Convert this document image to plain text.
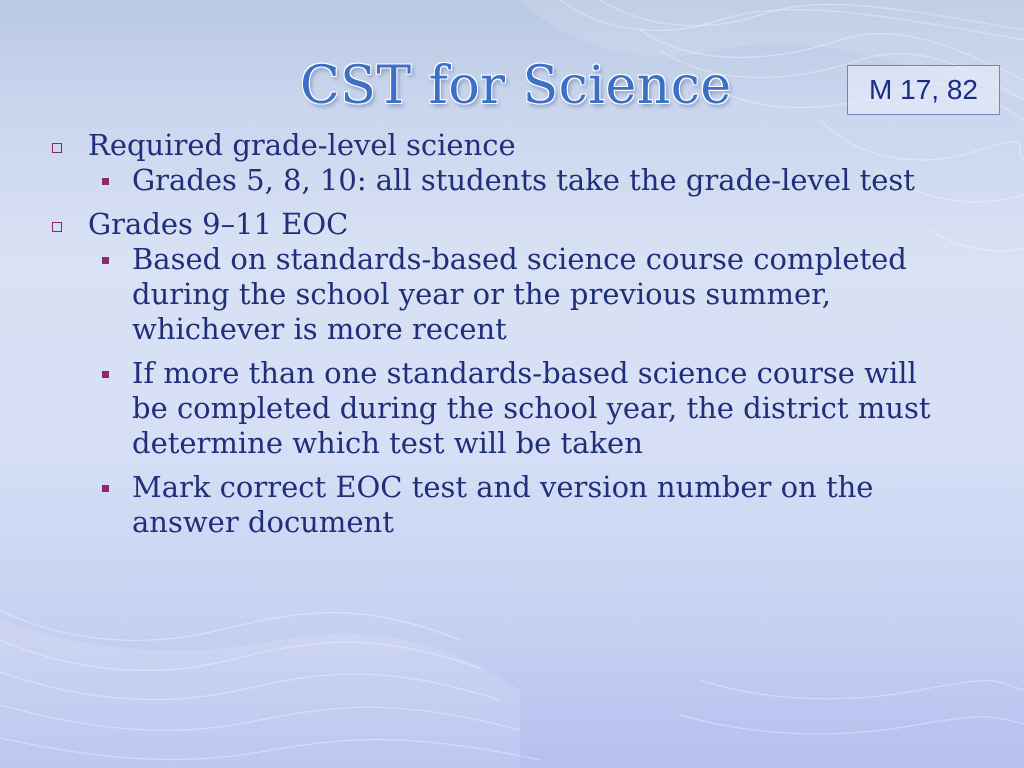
CST for Science	M 17, 82
Required grade-level science
Grades 5, 8, 10: all students take the grade-level test
Grades 9–11 EOC
Based on standards-based science course completed during the school year or the previous summer, whichever is more recent
If more than one standards-based science course will be completed during the school year, the district must determine which test will be taken
Mark correct EOC test and version number on the answer document
